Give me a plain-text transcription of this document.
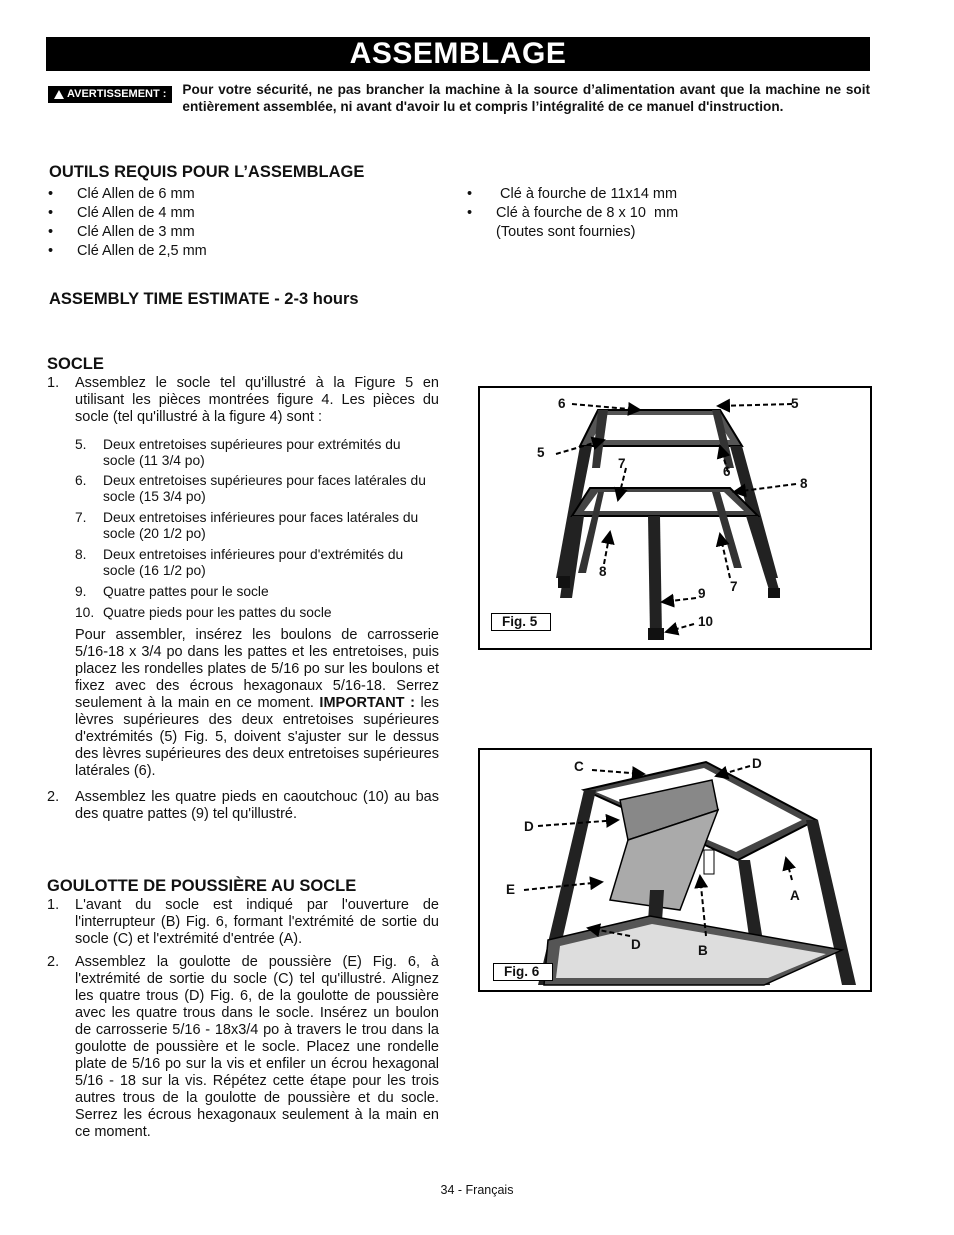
ASSEMBLAGE
AVERTISSEMENT : Pour votre sécurité, ne pas brancher la machine à la source d’alimentation avant que la machine ne soit entièrement assemblée, ni avant d'avoir lu et compris l’intégralité de ce manuel d'instruction.
OUTILS REQUIS POUR L’ASSEMBLAGE
• Clé Allen de 6 mm
• Clé Allen de 4 mm
• Clé Allen de 3 mm
• Clé Allen de 2,5 mm
• Clé à fourche de 11x14 mm
• Clé à fourche de 8 x 10  mm
(Toutes sont fournies)
ASSEMBLY TIME ESTIMATE - 2-3 hours
SOCLE
1. Assemblez le socle tel qu'illustré à la Figure 5 en utilisant les pièces montrées figure 4. Les pièces du socle (tel qu'illustré à la figure 4) sont :
5. Deux entretoises supérieures pour extrémités du socle (11 3/4 po)
6. Deux entretoises supérieures pour faces latérales du socle (15 3/4 po)
7. Deux entretoises inférieures pour faces latérales du socle (20 1/2 po)
8. Deux entretoises inférieures pour d'extrémités du socle (16 1/2 po)
9. Quatre pattes pour le socle
10. Quatre pieds pour les pattes du socle
Pour assembler, insérez les boulons de carrosserie 5/16-18 x 3/4 po dans les pattes et les entretoises, puis placez les rondelles plates de 5/16 po sur les boulons et fixez avec des écrous hexagonaux 5/16-18. Serrez seulement à la main en ce moment. IMPORTANT : les lèvres supérieures des deux entretoises supérieures d'extrémités (5) Fig. 5, doivent s'ajuster sur le dessus des lèvres supérieures des deux entretoises supérieures latérales (6).
2. Assemblez les quatre pieds en caoutchouc (10) au bas des quatre pattes (9) tel qu'illustré.
GOULOTTE DE POUSSIÈRE AU SOCLE
1. L'avant du socle est indiqué par l'ouverture de l'interrupteur (B) Fig. 6, formant l'extrémité de sortie du socle (C) et l'extrémité d'entrée (A).
2. Assemblez la goulotte de poussière (E) Fig. 6, à l'extrémité de sortie du socle (C) tel qu'illustré. Alignez les quatre trous (D) Fig. 6, de la goulotte de poussière avec les quatre trous dans le socle. Insérez un boulon de carrosserie 5/16 - 18x3/4 po à travers le trou dans la goulotte de poussière et le socle. Placez une rondelle plate de 5/16 po sur la vis et enfiler un écrou hexagonal 5/16 - 18 sur la vis. Répétez cette étape pour les trois autres trous de la goulotte de poussière et du socle. Serrez les écrous hexagonaux seulement à la main en ce moment.
6	5
5
7
6
8
8
9 7
10
Fig. 5
C	D
D
E	A
D	B
Fig. 6
34 - Français
